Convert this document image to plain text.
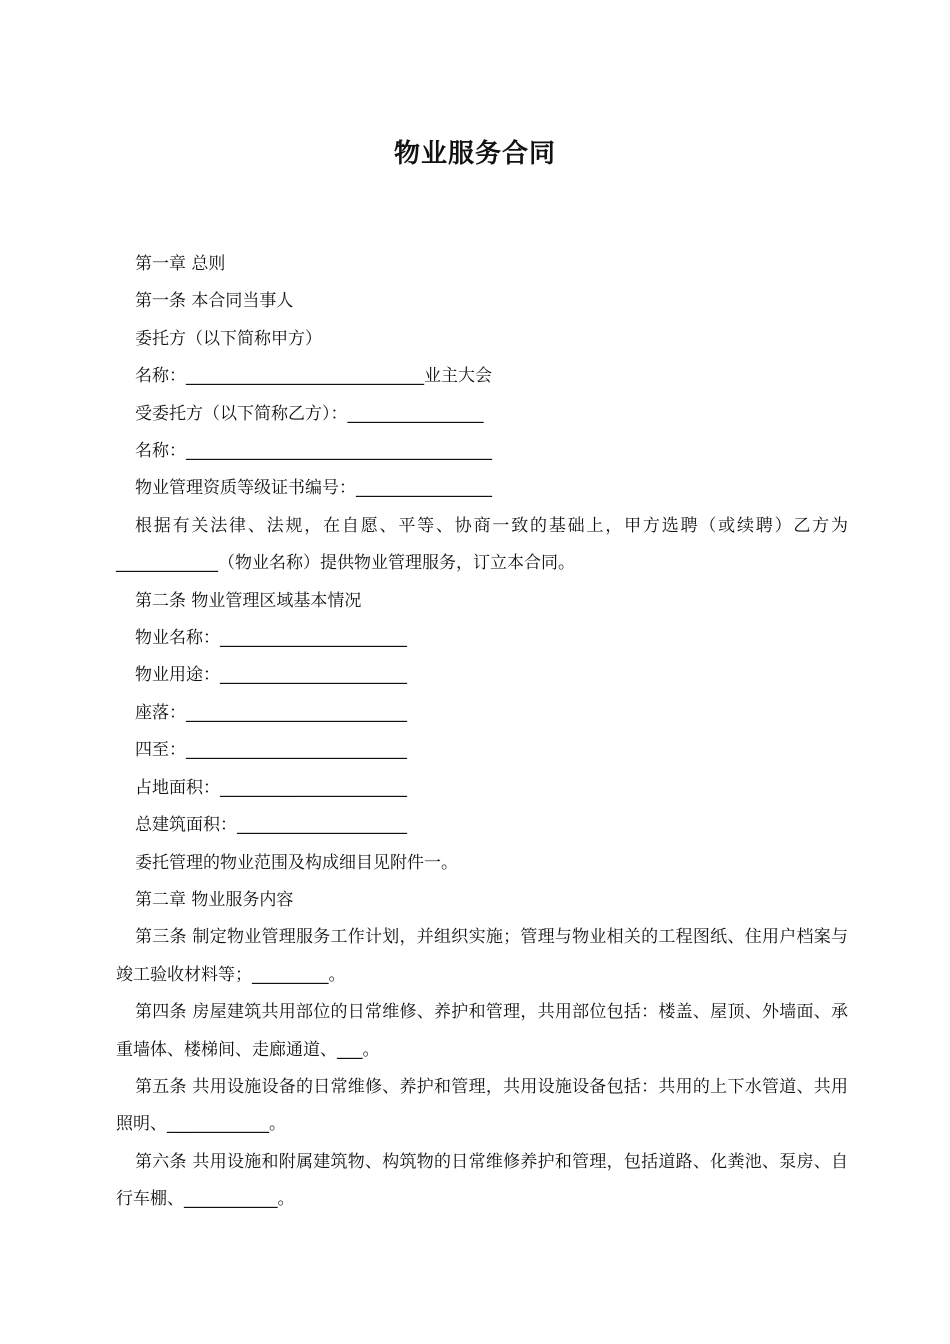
物业服务合同

第一章 总则

第一条 本合同当事人

委托方（以下简称甲方）

名称：____________________________业主大会

受委托方（以下简称乙方）：________________

名称：____________________________________

物业管理资质等级证书编号：________________

根据有关法律、法规，在自愿、平等、协商一致的基础上，甲方选聘（或续聘）乙方为____________（物业名称）提供物业管理服务，订立本合同。

第二条 物业管理区域基本情况

物业名称：______________________

物业用途：______________________

座落：__________________________

四至：__________________________

占地面积：______________________

总建筑面积：____________________

委托管理的物业范围及构成细目见附件一。

第二章 物业服务内容

第三条 制定物业管理服务工作计划，并组织实施；管理与物业相关的工程图纸、住用户档案与竣工验收材料等；_________。

第四条 房屋建筑共用部位的日常维修、养护和管理，共用部位包括：楼盖、屋顶、外墙面、承重墙体、楼梯间、走廊通道、___。

第五条 共用设施设备的日常维修、养护和管理，共用设施设备包括：共用的上下水管道、共用照明、____________。

第六条 共用设施和附属建筑物、构筑物的日常维修养护和管理，包括道路、化粪池、泵房、自行车棚、___________。
